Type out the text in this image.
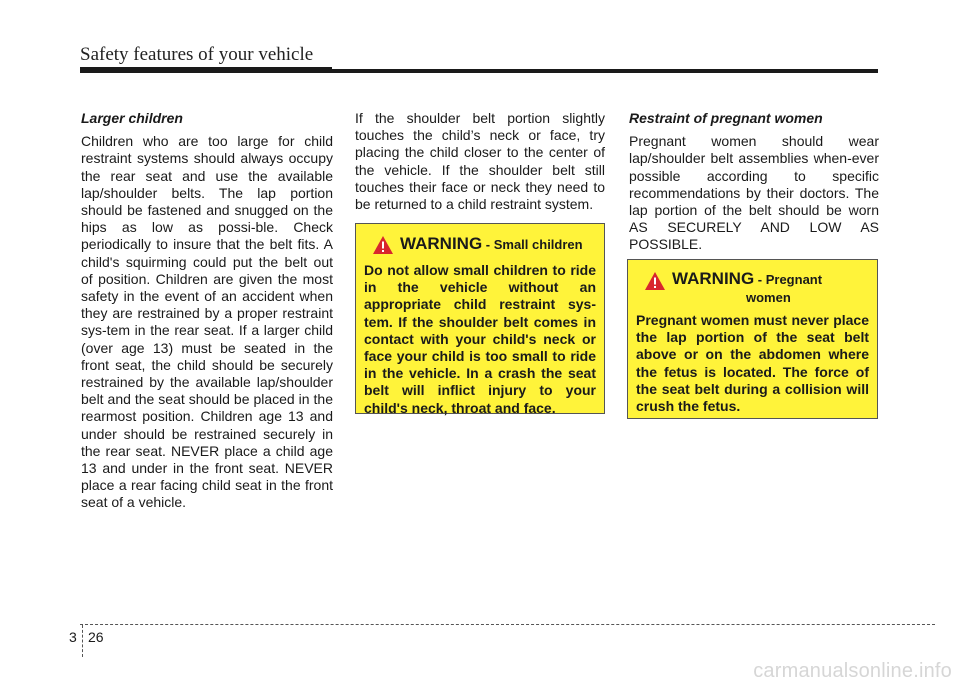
Safety features of your vehicle
Larger children

Children who are too large for child restraint systems should always occupy the rear seat and use the available lap/shoulder belts. The lap portion should be fastened and snugged on the hips as low as possi-ble. Check periodically to insure that the belt fits. A child's squirming could put the belt out of position. Children are given the most safety in the event of an accident when they are restrained by a proper restraint sys-tem in the rear seat. If a larger child (over age 13) must be seated in the front seat, the child should be securely restrained by the available lap/shoulder belt and the seat should be placed in the rearmost position. Children age 13 and under should be restrained securely in the rear seat. NEVER place a child age 13 and under in the front seat. NEVER place a rear facing child seat in the front seat of a vehicle.

If the shoulder belt portion slightly touches the child’s neck or face, try placing the child closer to the center of the vehicle. If the shoulder belt still touches their face or neck they need to be returned to a child restraint system.

WARNING - Small children

Do not allow small children to ride in the vehicle without an appropriate child restraint sys-tem. If the shoulder belt comes in contact with your child's neck or face your child is too small to ride in the vehicle. In a crash the seat belt will inflict injury to your child's neck, throat and face.

Restraint of pregnant women

Pregnant women should wear lap/shoulder belt assemblies when-ever possible according to specific recommendations by their doctors. The lap portion of the belt should be worn AS SECURELY AND LOW AS POSSIBLE.

WARNING - Pregnant
women

Pregnant women must never place the lap portion of the seat belt above or on the abdomen where the fetus is located. The force of the seat belt during a collision will crush the fetus.

3 26
carmanualsonline.info
